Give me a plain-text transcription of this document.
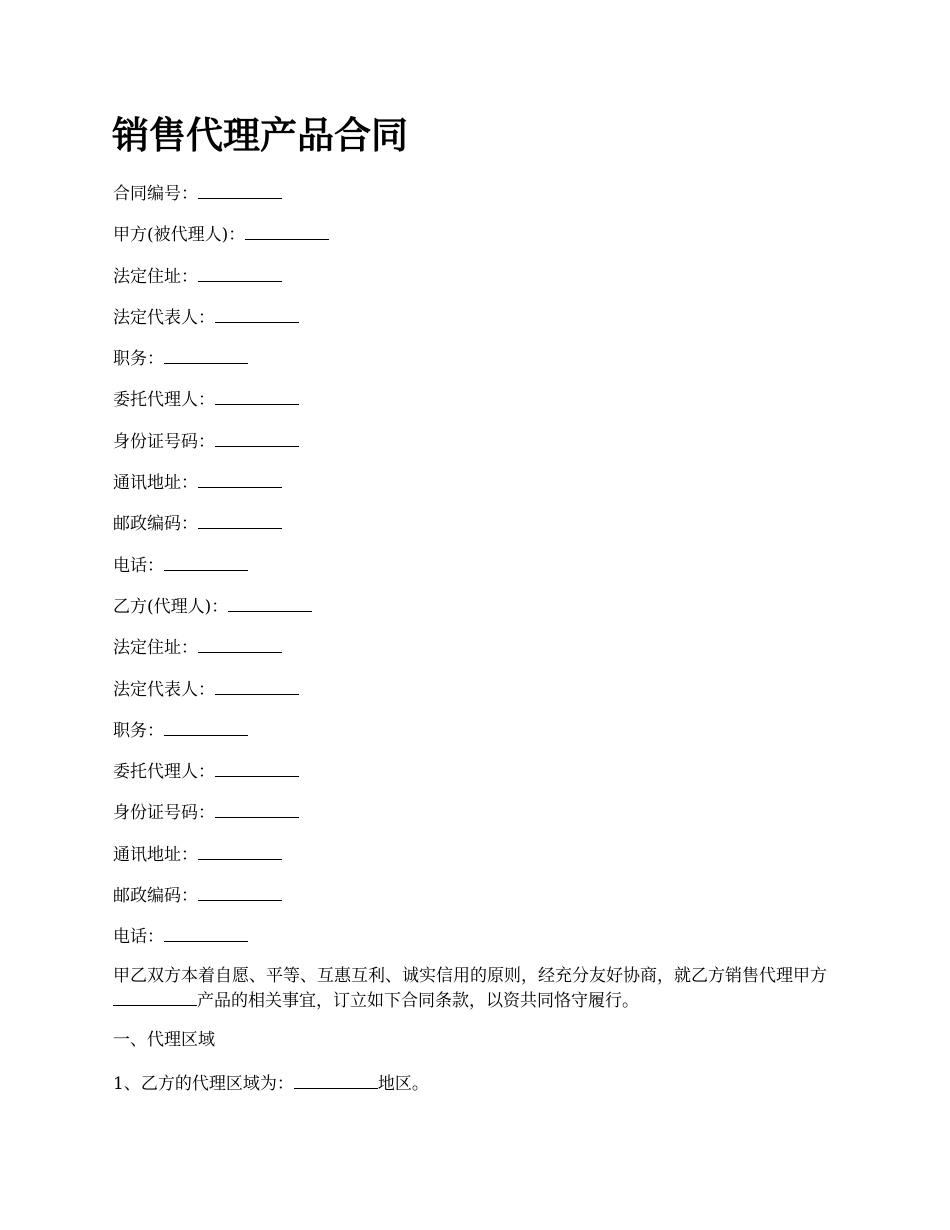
销售代理产品合同
合同编号：
甲方(被代理人)：
法定住址：
法定代表人：
职务：
委托代理人：
身份证号码：
通讯地址：
邮政编码：
电话：
乙方(代理人)：
法定住址：
法定代表人：
职务：
委托代理人：
身份证号码：
通讯地址：
邮政编码：
电话：

甲乙双方本着自愿、平等、互惠互利、诚实信用的原则，经充分友好协商，就乙方销售代理甲方产品的相关事宜，订立如下合同条款，以资共同恪守履行。

一、代理区域

1、乙方的代理区域为：	地区。
